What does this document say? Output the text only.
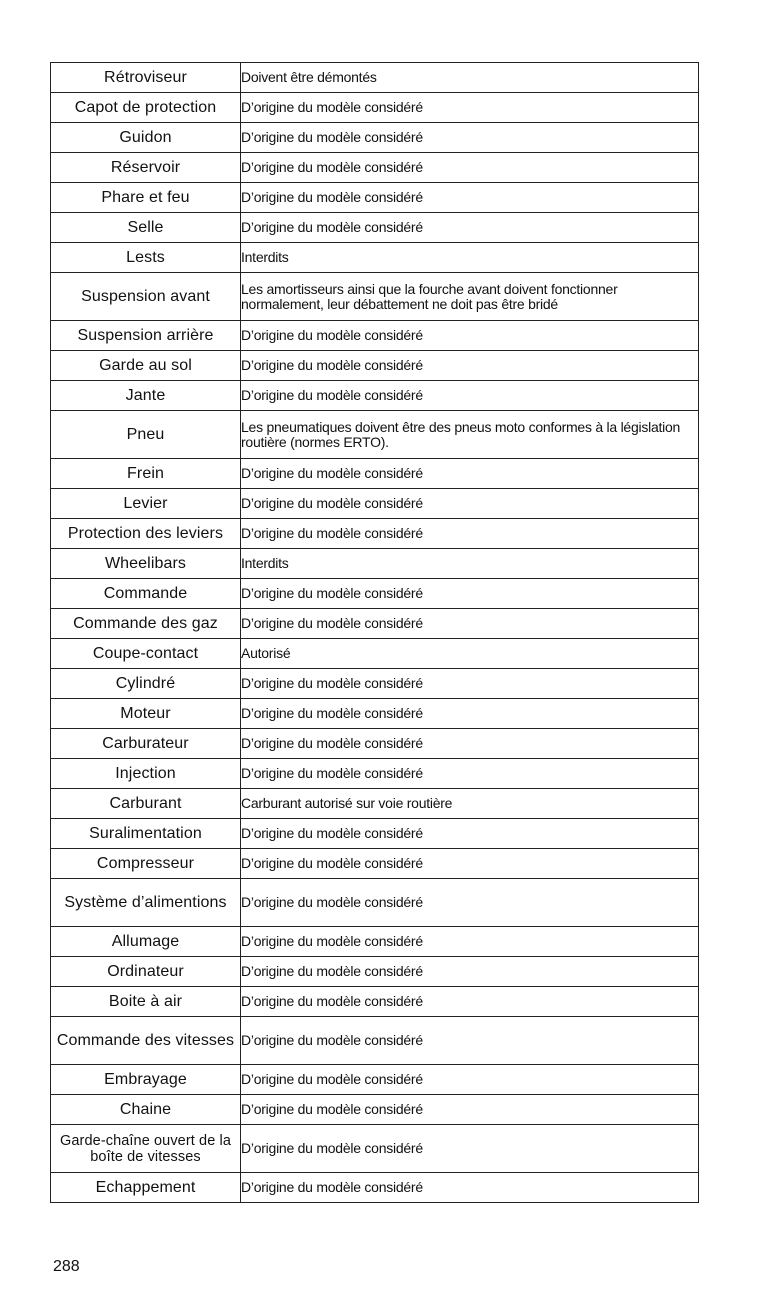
Rétroviseur	Doivent être démontés
Capot de protection	D’origine du modèle considéré
Guidon	D’origine du modèle considéré
Réservoir	D’origine du modèle considéré
Phare et feu	D’origine du modèle considéré
Selle	D’origine du modèle considéré
Lests	Interdits
Suspension avant	Les amortisseurs ainsi que la fourche avant doivent fonctionner normalement, leur débattement ne doit pas être bridé
Suspension arrière	D’origine du modèle considéré
Garde au sol	D’origine du modèle considéré
Jante	D’origine du modèle considéré
Pneu	Les pneumatiques doivent être des pneus moto conformes à la législation routière (normes ERTO).
Frein	D’origine du modèle considéré
Levier	D’origine du modèle considéré
Protection des leviers	D’origine du modèle considéré
Wheelibars	Interdits
Commande	D’origine du modèle considéré
Commande des gaz	D’origine du modèle considéré
Coupe-contact	Autorisé
Cylindré	D’origine du modèle considéré
Moteur	D’origine du modèle considéré
Carburateur	D’origine du modèle considéré
Injection	D’origine du modèle considéré
Carburant	Carburant autorisé sur voie routière
Suralimentation	D’origine du modèle considéré
Compresseur	D’origine du modèle considéré
Système d’alimentions	D’origine du modèle considéré
Allumage	D’origine du modèle considéré
Ordinateur	D’origine du modèle considéré
Boite à air	D’origine du modèle considéré
Commande des vitesses	D’origine du modèle considéré
Embrayage	D’origine du modèle considéré
Chaine	D’origine du modèle considéré
Garde-chaîne ouvert de la boîte de vitesses	D’origine du modèle considéré
Echappement	D’origine du modèle considéré
288
